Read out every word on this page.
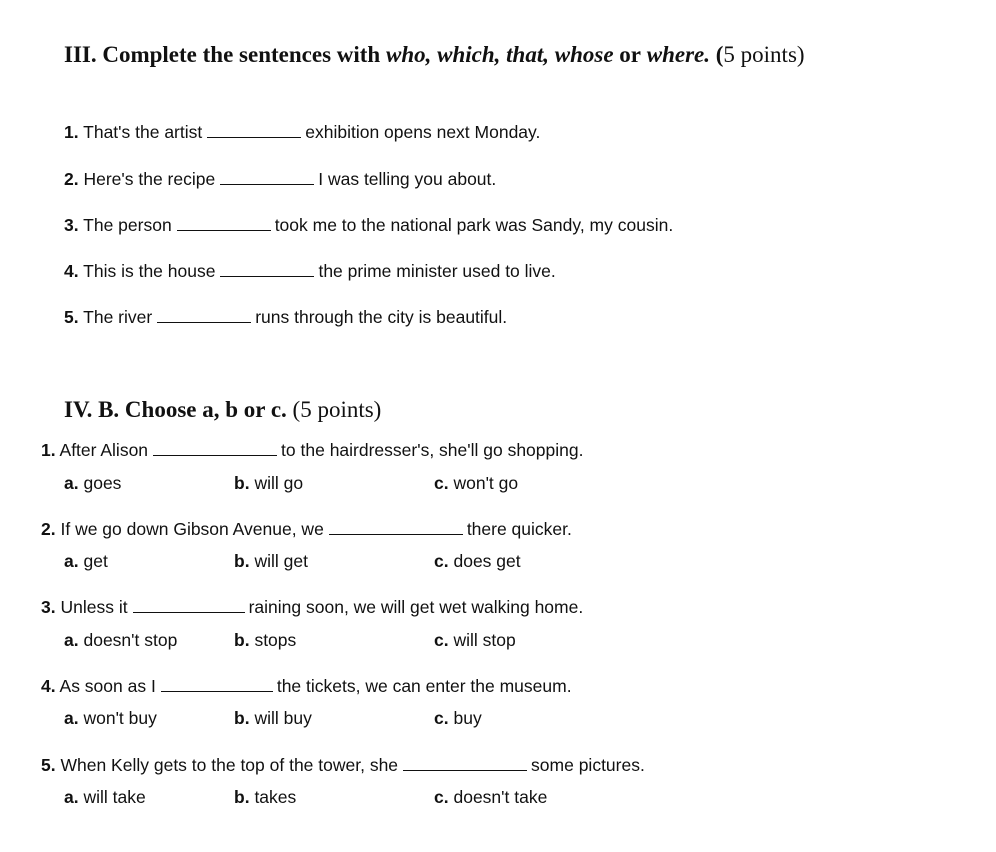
III. Complete the sentences with who, which, that, whose or where. (5 points)
1. That's the artist	exhibition opens next Monday.
2. Here's the recipe	I was telling you about.
3. The person	took me to the national park was Sandy, my cousin.
4. This is the house	the prime minister used to live.
5. The river	runs through the city is beautiful.
IV. B. Choose a, b or c. (5 points)
1. After Alison	to the hairdresser's, she'll go shopping.
a. goes	b. will go	c. won't go
2. If we go down Gibson Avenue, we	there quicker.
a. get	b. will get	c. does get
3. Unless it	raining soon, we will get wet walking home.
a. doesn't stop	b. stops	c. will stop
4. As soon as I	the tickets, we can enter the museum.
a. won't buy	b. will buy	c. buy
5. When Kelly gets to the top of the tower, she	some pictures.
a. will take	b. takes	c. doesn't take
